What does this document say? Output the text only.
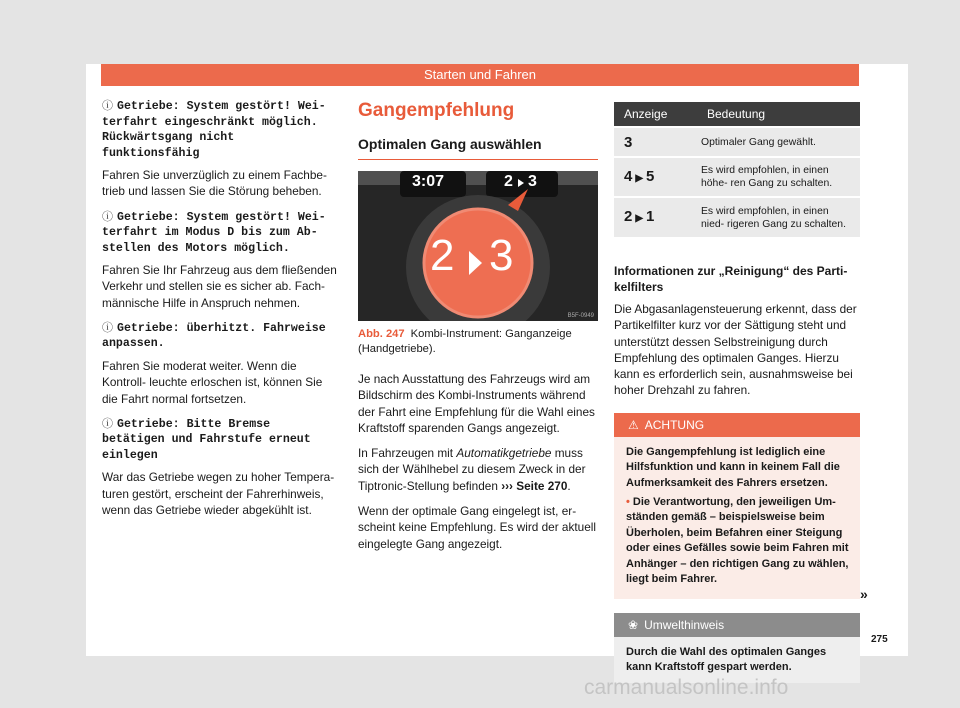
Starten und Fahren
ⓘ Getriebe: System gestört! Wei- terfahrt eingeschränkt möglich. Rückwärtsgang nicht funktionsfähig

Fahren Sie unverzüglich zu einem Fachbe- trieb und lassen Sie die Störung beheben.

ⓘ Getriebe: System gestört! Wei- terfahrt im Modus D bis zum Ab- stellen des Motors möglich.

Fahren Sie Ihr Fahrzeug aus dem fließenden Verkehr und stellen sie es sicher ab. Fach- männische Hilfe in Anspruch nehmen.

ⓘ Getriebe: überhitzt. Fahrweise anpassen.

Fahren Sie moderat weiter. Wenn die Kontroll- leuchte erloschen ist, können Sie die Fahrt normal fortsetzen.

ⓘ Getriebe: Bitte Bremse betätigen und Fahrstufe erneut einlegen

War das Getriebe wegen zu hoher Tempera- turen gestört, erscheint der Fahrerhinweis, wenn das Getriebe wieder abgekühlt ist.

Gangempfehlung
Optimalen Gang auswählen
3:07	2 3
2 3
B5F-0949
Abb. 247 Kombi-Instrument: Ganganzeige (Handgetriebe).

Je nach Ausstattung des Fahrzeugs wird am Bildschirm des Kombi-Instruments während der Fahrt eine Empfehlung für die Wahl eines Kraftstoff sparenden Gangs angezeigt.

In Fahrzeugen mit Automatikgetriebe muss sich der Wählhebel zu diesem Zweck in der Tiptronic-Stellung befinden ››› Seite 270.

Wenn der optimale Gang eingelegt ist, er- scheint keine Empfehlung. Es wird der aktuell eingelegte Gang angezeigt.

Anzeige	Bedeutung
3	Optimaler Gang gewählt.
4 ▶ 5	Es wird empfohlen, in einen höhe- ren Gang zu schalten.
2 ▶ 1	Es wird empfohlen, in einen nied- rigeren Gang zu schalten.
Informationen zur „Reinigung“ des Parti- kelfilters

Die Abgasanlagensteuerung erkennt, dass der Partikelfilter kurz vor der Sättigung steht und unterstützt dessen Selbstreinigung durch Empfehlung des optimalen Ganges. Hierzu kann es erforderlich sein, ausnahmsweise bei hoher Drehzahl zu fahren.

⚠ ACHTUNG

Die Gangempfehlung ist lediglich eine Hilfsfunktion und kann in keinem Fall die Aufmerksamkeit des Fahrers ersetzen.

• Die Verantwortung, den jeweiligen Um- ständen gemäß – beispielsweise beim Überholen, beim Befahren einer Steigung oder eines Gefälles sowie beim Fahren mit Anhänger – den richtigen Gang zu wählen, liegt beim Fahrer.

❀ Umwelthinweis
Durch die Wahl des optimalen Ganges kann Kraftstoff gespart werden.
»
275
carmanualsonline.info
